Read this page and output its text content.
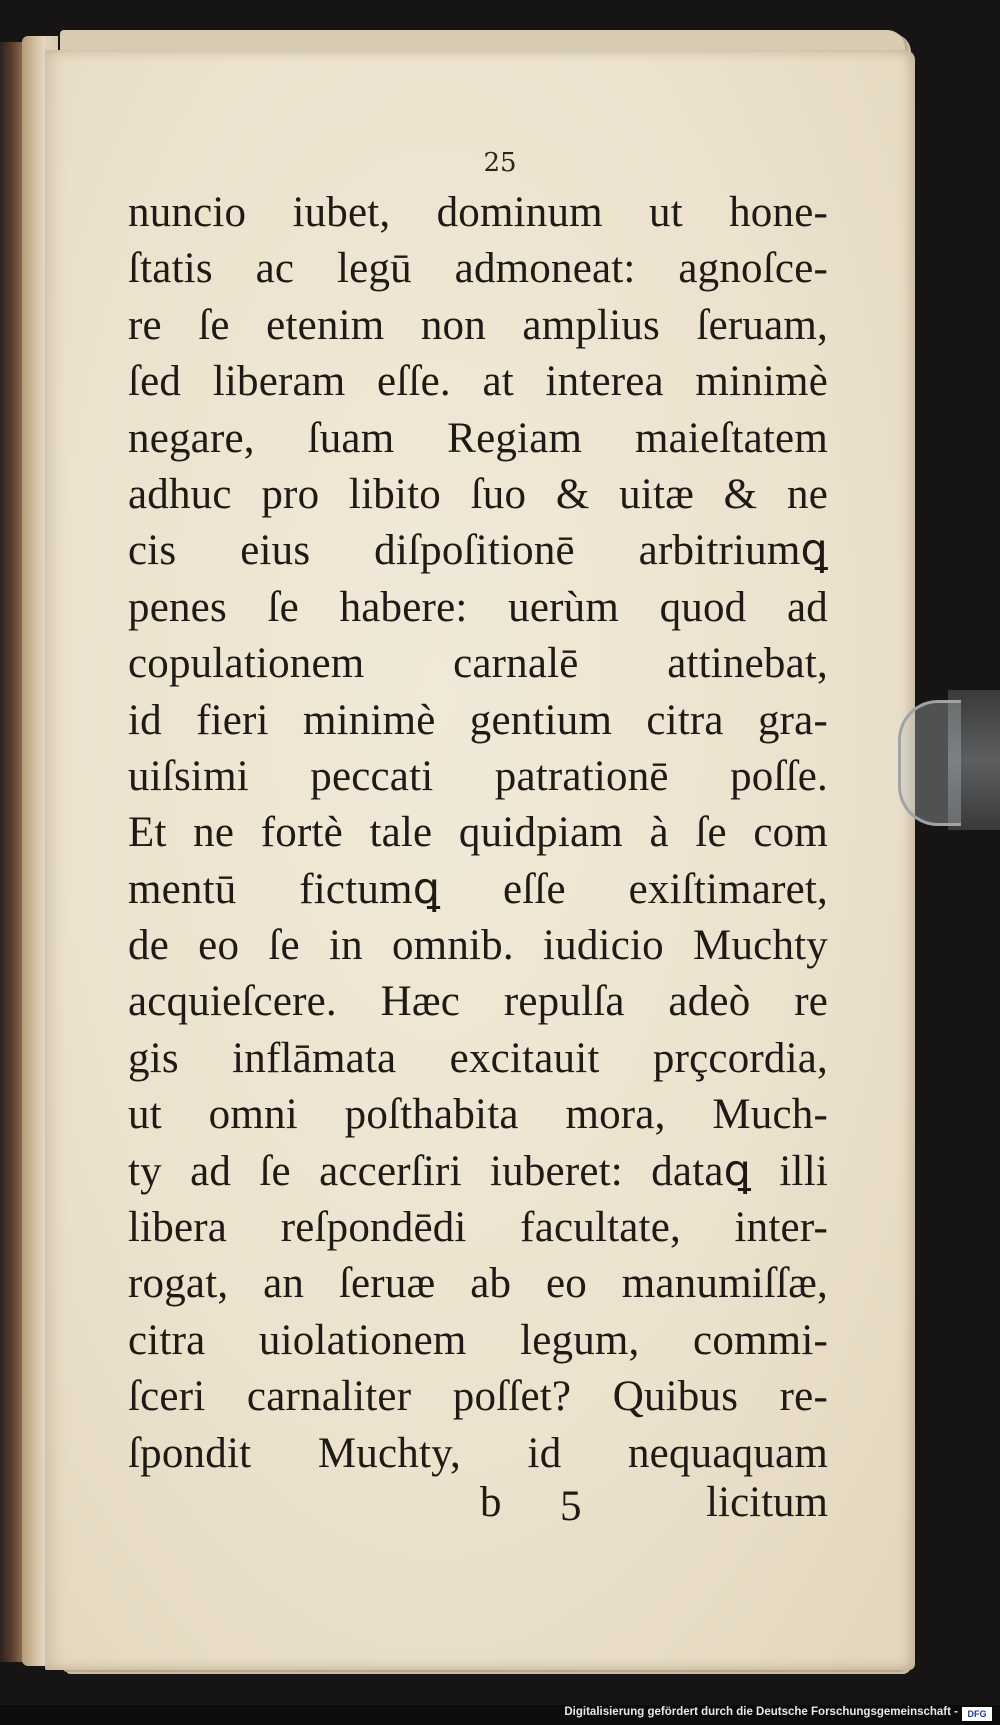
25
nuncio iubet, dominum ut hone-
ſtatis ac legū admoneat: agnoſce-
re ſe etenim non amplius ſeruam,
ſed liberam eſſe. at interea minimè
negare, ſuam Regiam maieſtatem
adhuc pro libito ſuo & uitæ & ne
cis eius diſpoſitionē arbitriumꝗ
penes ſe habere: uerùm quod ad
copulationem carnalē attinebat,
id fieri minimè gentium citra gra-
uiſsimi peccati patrationē poſſe.
Et ne fortè tale quidpiam à ſe com
mentū fictumꝗ eſſe exiſtimaret,
de eo ſe in omnib. iudicio Muchty
acquieſcere. Hæc repulſa adeò re
gis inflāmata excitauit prçcordia,
ut omni poſthabita mora, Much-
ty ad ſe accerſiri iuberet: dataꝗ illi
libera reſpondēdi facultate, inter-
rogat, an ſeruæ ab eo manumiſſæ,
citra uiolationem legum, commi-
ſceri carnaliter poſſet? Quibus re-
ſpondit Muchty, id nequaquam
b 5	licitum
Digitalisierung gefördert durch die Deutsche Forschungsgemeinschaft -	DFG
